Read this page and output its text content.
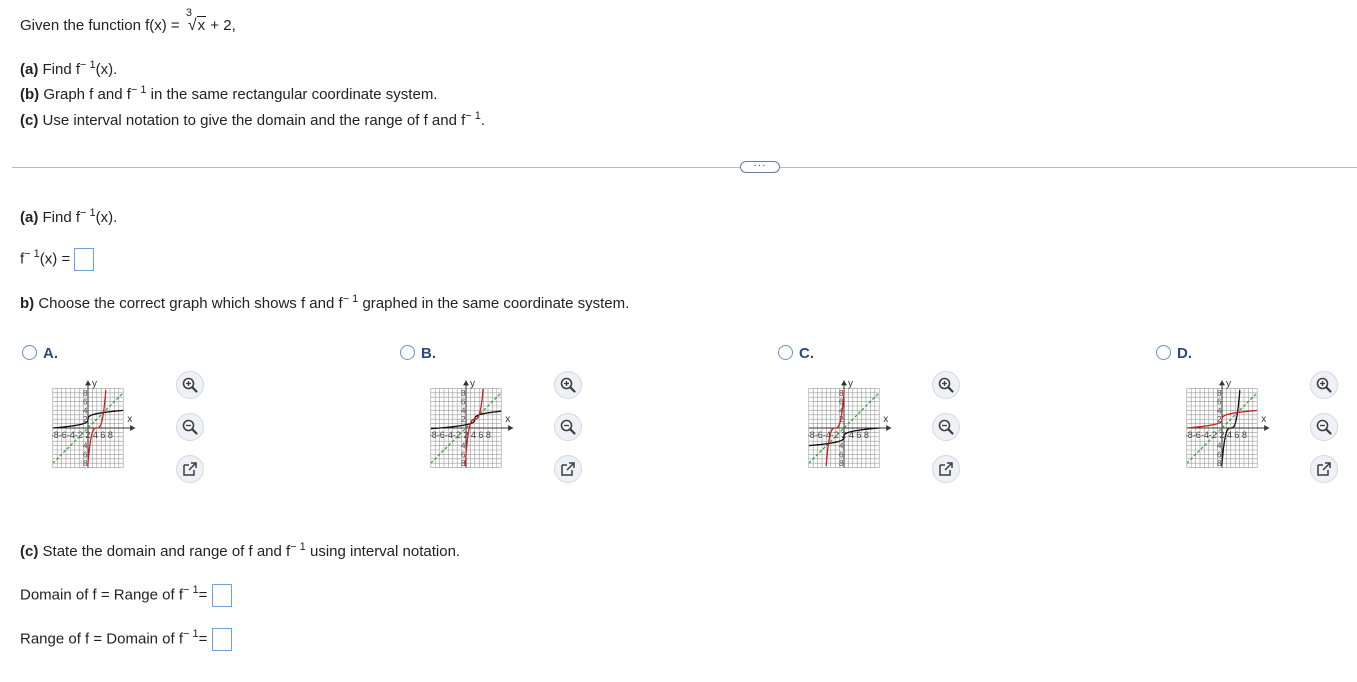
Given the function f(x) =
3
√x + 2,
(a) Find $f^{- 1}(x)$.
(b) Graph f and $f^{- 1}$ in the same rectangular coordinate system.
(c) Use interval notation to give the domain and the range of f and $f^{- 1}$.
···
(a) Find $f^{- 1}(x)$.
$f^{- 1}(x)$ =
b) Choose the correct graph which shows f and $f^{- 1}$ graphed in the same coordinate system.
A.
x
y
-8-6-4-2 2 4 6 8
8
6
4
2
4
6
8
B.
x
y
-8-6-4-2 2 4 6 8
8
6
4
2
4
6
8
C.
x
y
-8-6-4-2 2 4 6 8
8
6
4
2
4
6
8
D.
x
y
-8-6-4-2 2 4 6 8
8
6
4
2
4
6
8
(c) State the domain and range of f and $f^{- 1}$ using interval notation.
Domain of f = Range of $f^{- 1}=$
Range of f = Domain of $f^{- 1}=$
